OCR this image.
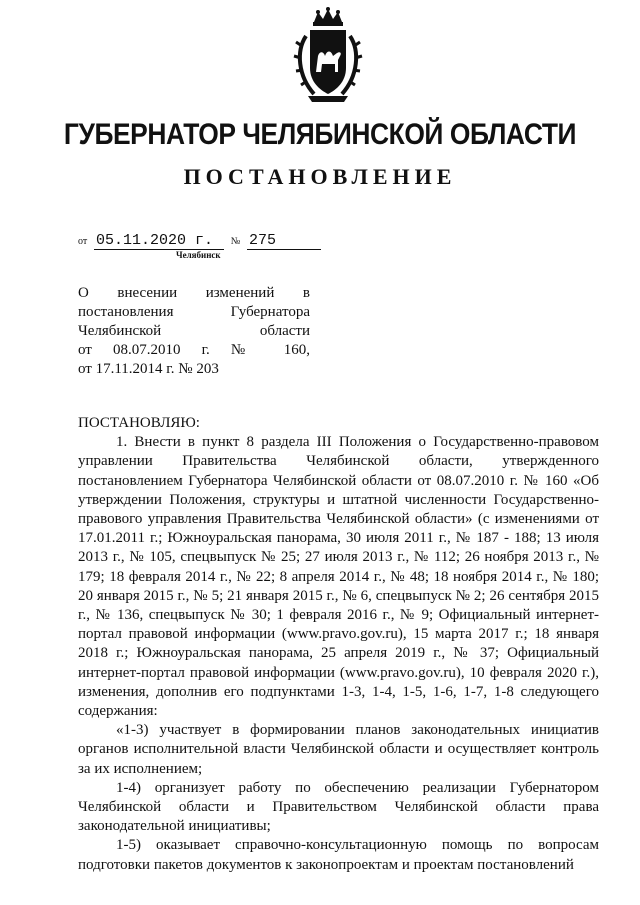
ГУБЕРНАТОР ЧЕЛЯБИНСКОЙ ОБЛАСТИ
ПОСТАНОВЛЕНИЕ
от 05.11.2020 г. № 275
Челябинск
О внесении изменений в
постановления Губернатора
Челябинской области
от 08.07.2010 г. № 160,
от 17.11.2014 г. № 203

ПОСТАНОВЛЯЮ:

1. Внести в пункт 8 раздела III Положения о Государственно-правовом управлении Правительства Челябинской области, утвержденного постановлением Губернатора Челябинской области от 08.07.2010 г. № 160 «Об утверждении Положения, структуры и штатной численности Государственно-правового управления Правительства Челябинской области» (с изменениями от 17.01.2011 г.; Южноуральская панорама, 30 июля 2011 г., № 187 - 188; 13 июля 2013 г., № 105, спецвыпуск № 25; 27 июля 2013 г., № 112; 26 ноября 2013 г., № 179; 18 февраля 2014 г., № 22; 8 апреля 2014 г., № 48; 18 ноября 2014 г., № 180; 20 января 2015 г., № 5; 21 января 2015 г., № 6, спецвыпуск № 2; 26 сентября 2015 г., № 136, спецвыпуск № 30; 1 февраля 2016 г., № 9; Официальный интернет-портал правовой информации (www.pravo.gov.ru), 15 марта 2017 г.; 18 января 2018 г.; Южноуральская панорама, 25 апреля 2019 г., № 37; Официальный интернет-портал правовой информации (www.pravo.gov.ru), 10 февраля 2020 г.), изменения, дополнив его подпунктами 1-3, 1-4, 1-5, 1-6, 1-7, 1-8 следующего содержания:

«1-3) участвует в формировании планов законодательных инициатив органов исполнительной власти Челябинской области и осуществляет контроль за их исполнением;

1-4) организует работу по обеспечению реализации Губернатором Челябинской области и Правительством Челябинской области права законодательной инициативы;

1-5) оказывает справочно-консультационную помощь по вопросам подготовки пакетов документов к законопроектам и проектам постановлений
